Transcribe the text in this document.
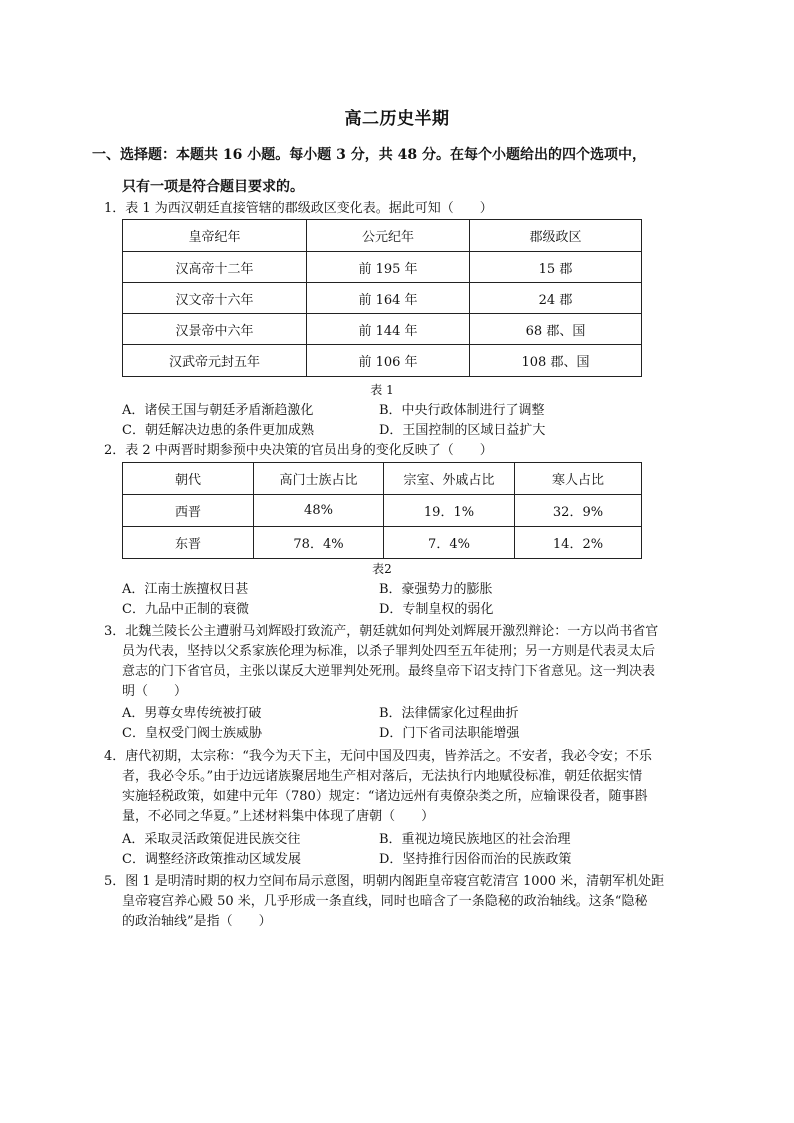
高二历史半期
一、选择题：本题共 16 小题。每小题 3 分，共 48 分。在每个小题给出的四个选项中，
只有一项是符合题目要求的。
1．表 1 为西汉朝廷直接管辖的郡级政区变化表。据此可知（　　）
皇帝纪年	公元纪年	郡级政区
汉高帝十二年	前 195 年	15 郡
汉文帝十六年	前 164 年	24 郡
汉景帝中六年	前 144 年	68 郡、国
汉武帝元封五年	前 106 年	108 郡、国
表 1
A．诸侯王国与朝廷矛盾渐趋激化	B．中央行政体制进行了调整
C．朝廷解决边患的条件更加成熟	D．王国控制的区域日益扩大
2．表 2 中两晋时期参预中央决策的官员出身的变化反映了（　　）
朝代	高门士族占比	宗室、外戚占比	寒人占比
西晋	48%	19．1%	32．9%
东晋	78．4%	7．4%	14．2%
表2
A．江南士族擅权日甚	B．豪强势力的膨胀
C．九品中正制的衰微	D．专制皇权的弱化
3．北魏兰陵长公主遭驸马刘辉殴打致流产，朝廷就如何判处刘辉展开激烈辩论：一方以尚书省官
员为代表，坚持以父系家族伦理为标准，以杀子罪判处四至五年徒刑；另一方则是代表灵太后
意志的门下省官员，主张以谋反大逆罪判处死刑。最终皇帝下诏支持门下省意见。这一判决表
明（　　）
A．男尊女卑传统被打破	B．法律儒家化过程曲折
C．皇权受门阀士族威胁	D．门下省司法职能增强
4．唐代初期，太宗称：“我今为天下主，无问中国及四夷，皆养活之。不安者，我必令安；不乐
者，我必令乐。”由于边远诸族聚居地生产相对落后，无法执行内地赋役标准，朝廷依据实情
实施轻税政策，如建中元年（780）规定：“诸边远州有夷僚杂类之所，应输课役者，随事斟
量，不必同之华夏。”上述材料集中体现了唐朝（　　）
A．采取灵活政策促进民族交往	B．重视边境民族地区的社会治理
C．调整经济政策推动区域发展	D．坚持推行因俗而治的民族政策
5．图 1 是明清时期的权力空间布局示意图，明朝内阁距皇帝寝宫乾清宫 1000 米，清朝军机处距
皇帝寝宫养心殿 50 米，几乎形成一条直线，同时也暗含了一条隐秘的政治轴线。这条“隐秘
的政治轴线”是指（　　）
